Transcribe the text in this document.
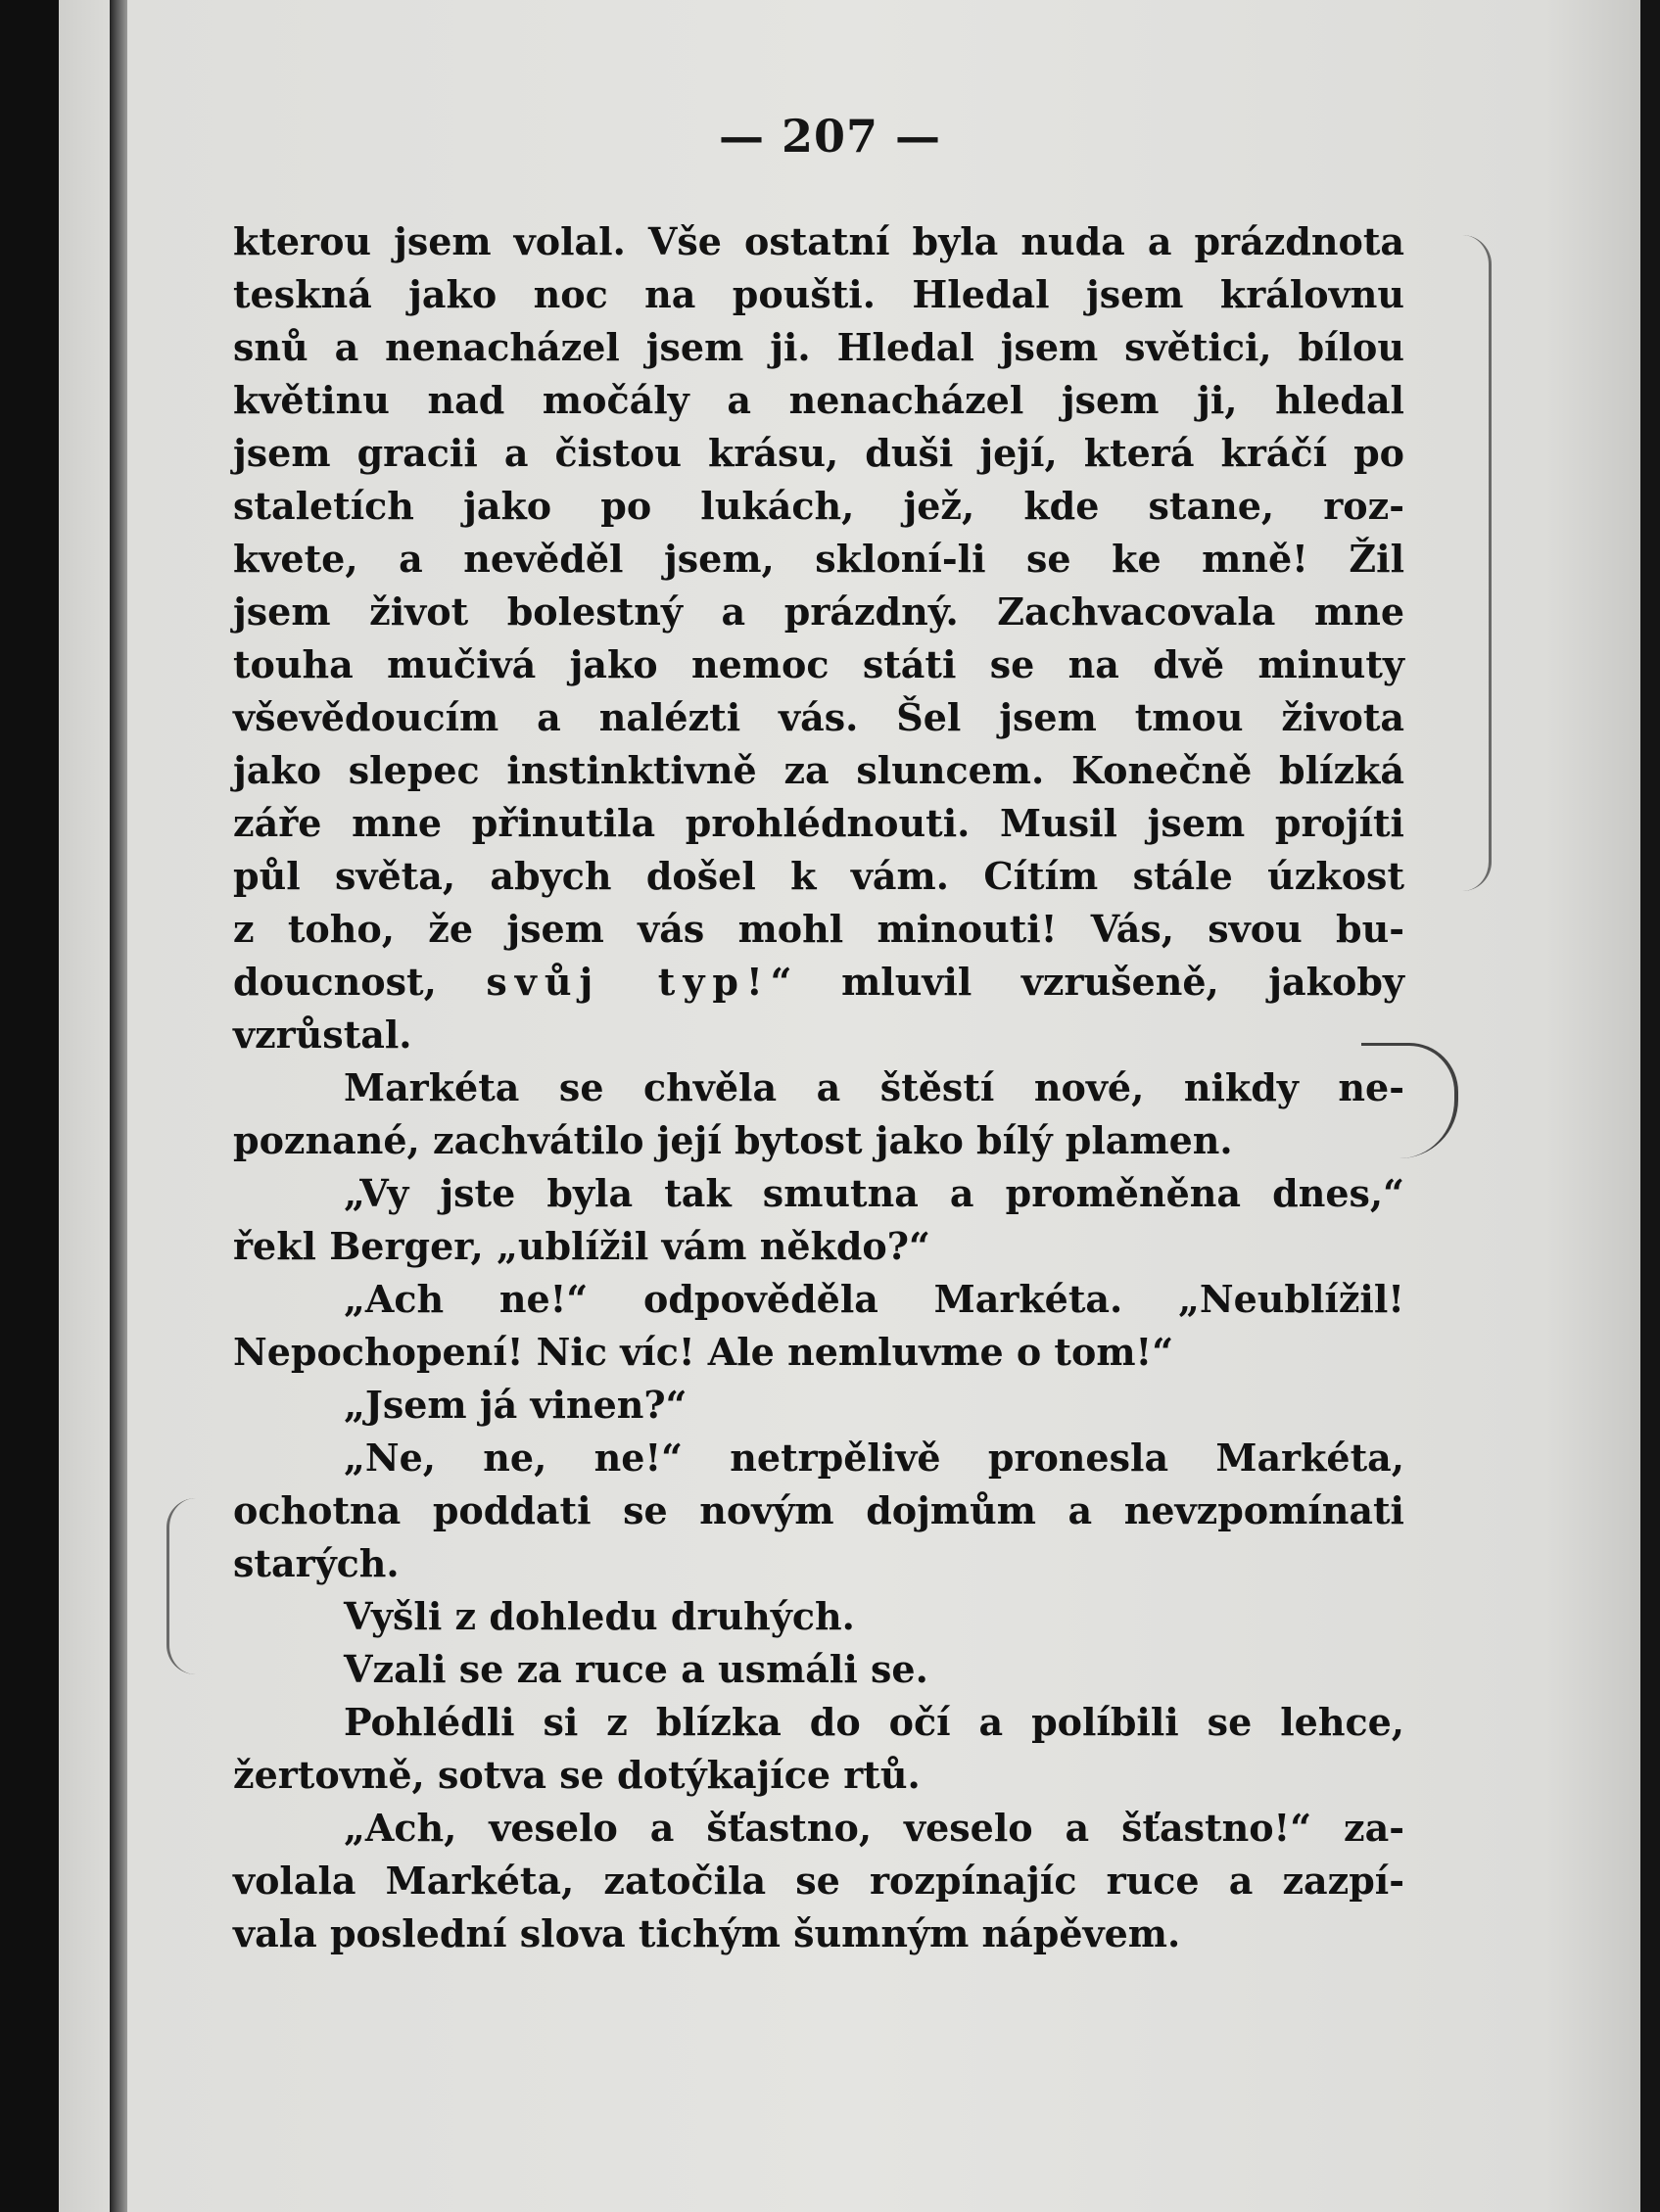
— 207 —

kterou jsem volal. Vše ostatní byla nuda a prázdnota
teskná jako noc na poušti. Hledal jsem královnu
snů a nenacházel jsem ji. Hledal jsem světici, bílou
květinu nad močály a nenacházel jsem ji, hledal
jsem gracii a čistou krásu, duši její, která kráčí po
staletích jako po lukách, jež, kde stane, roz-
kvete, a nevěděl jsem, skloní-li se ke mně! Žil
jsem život bolestný a prázdný. Zachvacovala mne
touha mučivá jako nemoc státi se na dvě minuty
vševědoucím a nalézti vás. Šel jsem tmou života
jako slepec instinktivně za sluncem. Konečně blízká
záře mne přinutila prohlédnouti. Musil jsem projíti
půl světa, abych došel k vám. Cítím stále úzkost
z toho, že jsem vás mohl minouti! Vás, svou bu-
doucnost, svůj typ!“ mluvil vzrušeně, jakoby
vzrůstal.

Markéta se chvěla a štěstí nové, nikdy ne-
poznané, zachvátilo její bytost jako bílý plamen.

„Vy jste byla tak smutna a proměněna dnes,“
řekl Berger, „ublížil vám někdo?“

„Ach ne!“ odpověděla Markéta. „Neublížil!
Nepochopení! Nic víc! Ale nemluvme o tom!“

„Jsem já vinen?“

„Ne, ne, ne!“ netrpělivě pronesla Markéta,
ochotna poddati se novým dojmům a nevzpomínati
starých.

Vyšli z dohledu druhých.

Vzali se za ruce a usmáli se.

Pohlédli si z blízka do očí a políbili se lehce,
žertovně, sotva se dotýkajíce rtů.

„Ach, veselo a šťastno, veselo a šťastno!“ za-
volala Markéta, zatočila se rozpínajíc ruce a zazpí-
vala poslední slova tichým šumným nápěvem.
